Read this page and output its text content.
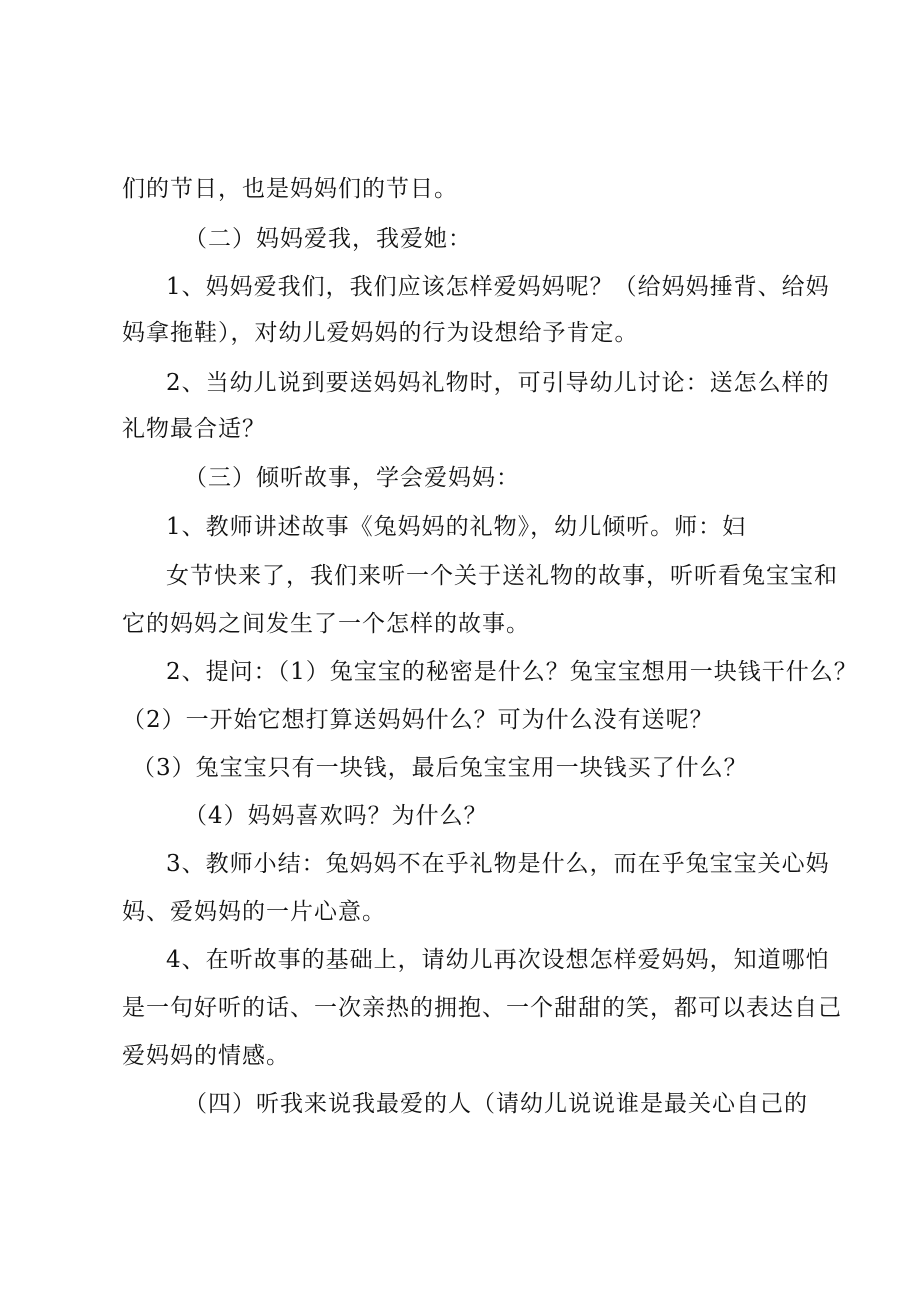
们的节日，也是妈妈们的节日。
（二）妈妈爱我，我爱她：
1、妈妈爱我们，我们应该怎样爱妈妈呢？（给妈妈捶背、给妈
妈拿拖鞋），对幼儿爱妈妈的行为设想给予肯定。
2、当幼儿说到要送妈妈礼物时，可引导幼儿讨论：送怎么样的
礼物最合适？
（三）倾听故事，学会爱妈妈：
1、教师讲述故事《兔妈妈的礼物》，幼儿倾听。师：妇
女节快来了，我们来听一个关于送礼物的故事，听听看兔宝宝和
它的妈妈之间发生了一个怎样的故事。
2、提问：（1）兔宝宝的秘密是什么？兔宝宝想用一块钱干什么？
（2）一开始它想打算送妈妈什么？可为什么没有送呢？
（3）兔宝宝只有一块钱，最后兔宝宝用一块钱买了什么？
（4）妈妈喜欢吗？为什么？
3、教师小结：兔妈妈不在乎礼物是什么，而在乎兔宝宝关心妈
妈、爱妈妈的一片心意。
4、在听故事的基础上，请幼儿再次设想怎样爱妈妈，知道哪怕
是一句好听的话、一次亲热的拥抱、一个甜甜的笑，都可以表达自己
爱妈妈的情感。
（四）听我来说我最爱的人（请幼儿说说谁是最关心自己的
